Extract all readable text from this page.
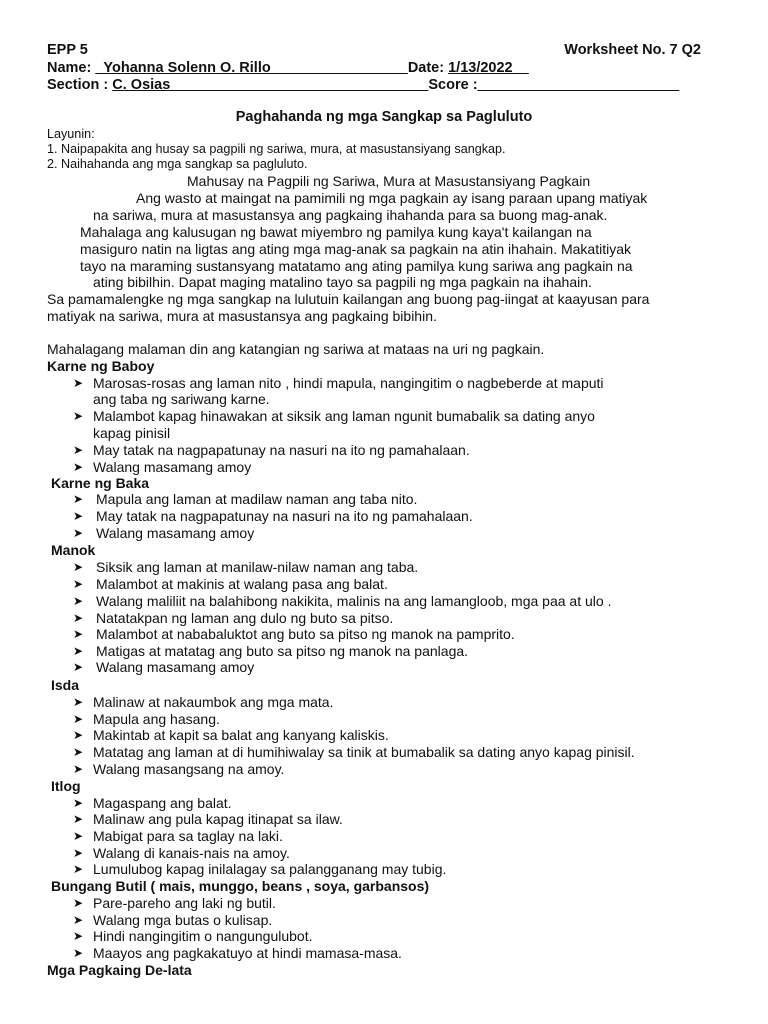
EPP 5	Worksheet No. 7 Q2
Name: _Yohanna Solenn O. Rillo_________________Date: 1/13/2022__
Section : C. Osias________________________________Score :_________________________
Paghahanda ng mga Sangkap sa Pagluluto
Layunin:
1. Naipapakita ang husay sa pagpili ng sariwa, mura, at masustansiyang sangkap.
2. Naihahanda ang mga sangkap sa pagluluto.
Mahusay na Pagpili ng Sariwa, Mura at Masustansiyang Pagkain
Ang wasto at maingat na pamimili ng mga pagkain ay isang paraan upang matiyak
na sariwa, mura at masustansya ang pagkaing ihahanda para sa buong mag-anak.
Mahalaga ang kalusugan ng bawat miyembro ng pamilya kung kaya't kailangan na
masiguro natin na ligtas ang ating mga mag-anak sa pagkain na atin ihahain. Makatitiyak
tayo na maraming sustansyang matatamo ang ating pamilya kung sariwa ang pagkain na
ating bibilhin. Dapat maging matalino tayo sa pagpili ng mga pagkain na ihahain.
Sa pamamalengke ng mga sangkap na lulutuin kailangan ang buong pag-iingat at kaayusan para
matiyak na sariwa, mura at masustansya ang pagkaing bibihin.
Mahalagang malaman din ang katangian ng sariwa at mataas na uri ng pagkain.
Karne ng Baboy
➤ Marosas-rosas ang laman nito , hindi mapula, nangingitim o nagbeberde at maputi
ang taba ng sariwang karne.
➤ Malambot kapag hinawakan at siksik ang laman ngunit bumabalik sa dating anyo
kapag pinisil
➤ May tatak na nagpapatunay na nasuri na ito ng pamahalaan.
➤ Walang masamang amoy
Karne ng Baka
➤ Mapula ang laman at madilaw naman ang taba nito.
➤ May tatak na nagpapatunay na nasuri na ito ng pamahalaan.
➤ Walang masamang amoy
Manok
➤ Siksik ang laman at manilaw-nilaw naman ang taba.
➤ Malambot at makinis at walang pasa ang balat.
➤ Walang maliliit na balahibong nakikita, malinis na ang lamangloob, mga paa at ulo .
➤ Natatakpan ng laman ang dulo ng buto sa pitso.
➤ Malambot at nababaluktot ang buto sa pitso ng manok na pamprito.
➤ Matigas at matatag ang buto sa pitso ng manok na panlaga.
➤ Walang masamang amoy
Isda
➤ Malinaw at nakaumbok ang mga mata.
➤ Mapula ang hasang.
➤ Makintab at kapit sa balat ang kanyang kaliskis.
➤ Matatag ang laman at di humihiwalay sa tinik at bumabalik sa dating anyo kapag pinisil.
➤ Walang masangsang na amoy.
Itlog
➤ Magaspang ang balat.
➤ Malinaw ang pula kapag itinapat sa ilaw.
➤ Mabigat para sa taglay na laki.
➤ Walang di kanais-nais na amoy.
➤ Lumulubog kapag inilalagay sa palangganang may tubig.
Bungang Butil ( mais, munggo, beans , soya, garbansos)
➤ Pare-pareho ang laki ng butil.
➤ Walang mga butas o kulisap.
➤ Hindi nangingitim o nangungulubot.
➤ Maayos ang pagkakatuyo at hindi mamasa-masa.
Mga Pagkaing De-lata
